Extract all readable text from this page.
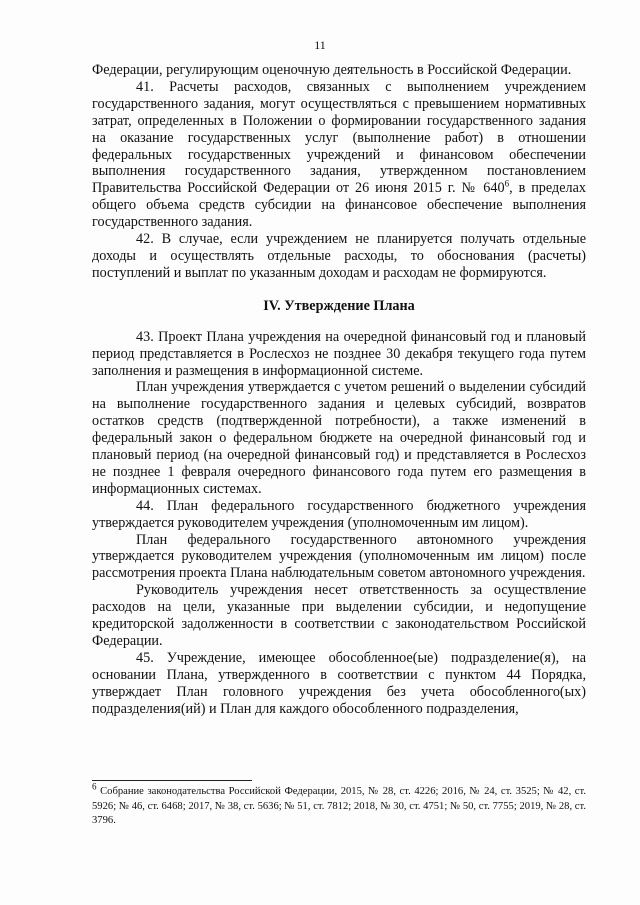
11

Федерации, регулирующим оценочную деятельность в Российской Федерации.

41. Расчеты расходов, связанных с выполнением учреждением государственного задания, могут осуществляться с превышением нормативных затрат, определенных в Положении о формировании государственного задания на оказание государственных услуг (выполнение работ) в отношении федеральных государственных учреждений и финансовом обеспечении выполнения государственного задания, утвержденном постановлением Правительства Российской Федерации от 26 июня 2015 г. № $640^6$, в пределах общего объема средств субсидии на финансовое обеспечение выполнения государственного задания.

42. В случае, если учреждением не планируется получать отдельные доходы и осуществлять отдельные расходы, то обоснования (расчеты) поступлений и выплат по указанным доходам и расходам не формируются.

IV. Утверждение Плана

43. Проект Плана учреждения на очередной финансовый год и плановый период представляется в Рослесхоз не позднее 30 декабря текущего года путем заполнения и размещения в информационной системе.

План учреждения утверждается с учетом решений о выделении субсидий на выполнение государственного задания и целевых субсидий, возвратов остатков средств (подтвержденной потребности), а также изменений в федеральный закон о федеральном бюджете на очередной финансовый год и плановый период (на очередной финансовый год) и представляется в Рослесхоз не позднее 1 февраля очередного финансового года путем его размещения в информационных системах.

44. План федерального государственного бюджетного учреждения утверждается руководителем учреждения (уполномоченным им лицом).

План федерального государственного автономного учреждения утверждается руководителем учреждения (уполномоченным им лицом) после рассмотрения проекта Плана наблюдательным советом автономного учреждения.

Руководитель учреждения несет ответственность за осуществление расходов на цели, указанные при выделении субсидии, и недопущение кредиторской задолженности в соответствии с законодательством Российской Федерации.

45. Учреждение, имеющее обособленное(ые) подразделение(я), на основании Плана, утвержденного в соответствии с пунктом 44 Порядка, утверждает План головного учреждения без учета обособленного(ых) подразделения(ий) и План для каждого обособленного подразделения,

$^6$ Собрание законодательства Российской Федерации, 2015, № 28, ст. 4226; 2016, № 24, ст. 3525; № 42, ст. 5926; № 46, ст. 6468; 2017, № 38, ст. 5636; № 51, ст. 7812; 2018, № 30, ст. 4751; № 50, ст. 7755; 2019, № 28, ст. 3796.
